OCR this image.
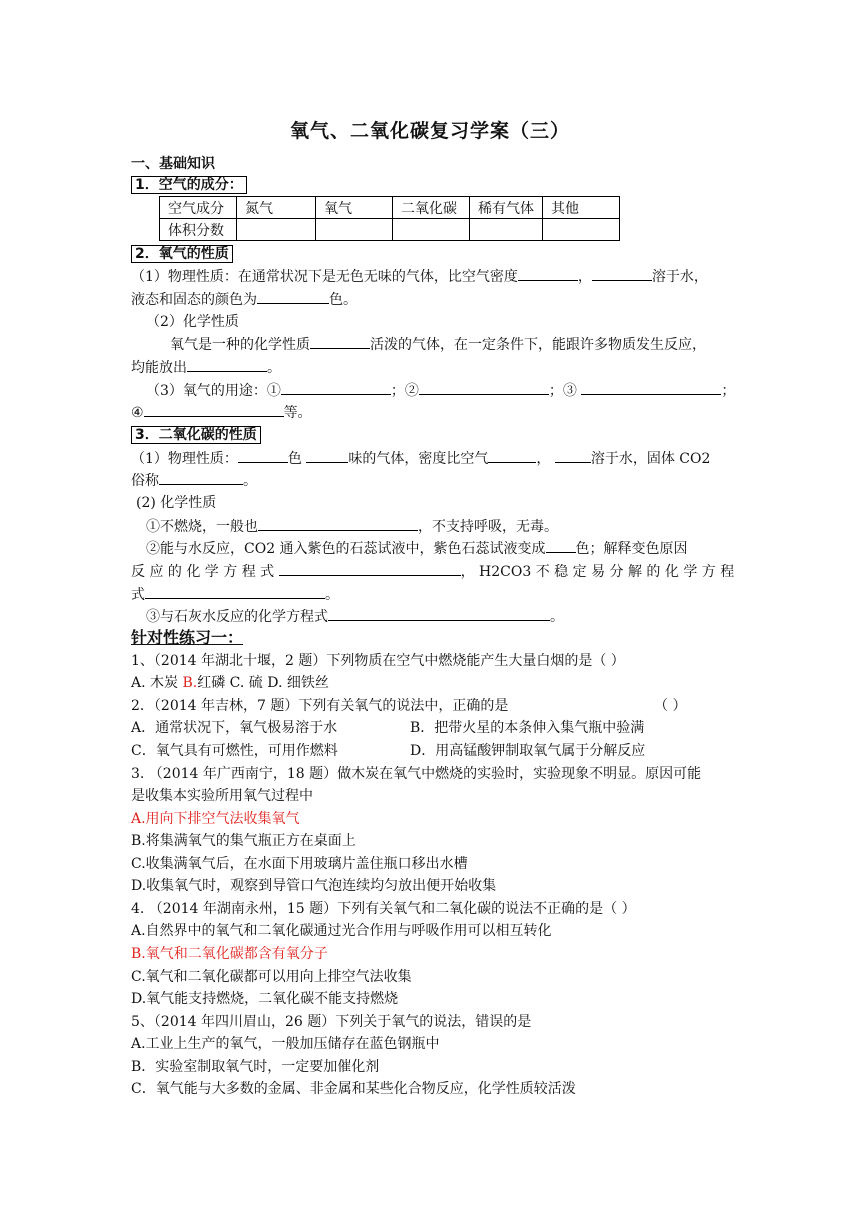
氧气、二氧化碳复习学案（三）
一、基础知识
1．空气的成分：
空气成分	氮气	氧气	二氧化碳	稀有气体	其他
体积分数					
2．氧气的性质
（1）物理性质：在通常状况下是无色无味的气体，比空气密度	，	溶于水，
液态和固态的颜色为	色。
（2）化学性质
氧气是一种的化学性质	活泼的气体，在一定条件下，能跟许多物质发生反应，
均能放出	。
（3）氧气的用途：①	；②	；③	；
④	等。
3．二氧化碳的性质
（1）物理性质：	色	味的气体，密度比空气	，	溶于水，固体 CO2
俗称	。
(2) 化学性质
①不燃烧，一般也	，不支持呼吸，无毒。
②能与水反应，CO2 通入紫色的石蕊试液中，紫色石蕊试液变成 色；解释变色原因
反 应 的 化 学 方 程 式	， H2CO3 不 稳 定 易 分 解 的 化 学 方 程
式	。
③与石灰水反应的化学方程式	。
针对性练习一：
1、（2014 年湖北十堰，2 题）下列物质在空气中燃烧能产生大量白烟的是（ ）
A. 木炭 B.红磷 C. 硫 D. 细铁丝
2．（2014 年吉林，7 题）下列有关氧气的说法中，正确的是	（ ）
A．通常状况下，氧气极易溶于水	B．把带火星的本条伸入集气瓶中验满
C．氧气具有可燃性，可用作燃料	D．用高锰酸钾制取氧气属于分解反应
3. （2014 年广西南宁，18 题）做木炭在氧气中燃烧的实验时，实验现象不明显。原因可能
是收集本实验所用氧气过程中
A.用向下排空气法收集氧气
B.将集满氧气的集气瓶正方在桌面上
C.收集满氧气后，在水面下用玻璃片盖住瓶口移出水槽
D.收集氧气时，观察到导管口气泡连续均匀放出便开始收集
4. （2014 年湖南永州，15 题）下列有关氧气和二氧化碳的说法不正确的是（ ）
A.自然界中的氧气和二氧化碳通过光合作用与呼吸作用可以相互转化
B.氧气和二氧化碳都含有氧分子
C.氧气和二氧化碳都可以用向上排空气法收集
D.氧气能支持燃烧，二氧化碳不能支持燃烧
5、（2014 年四川眉山，26 题）下列关于氧气的说法，错误的是
A.工业上生产的氧气，一般加压储存在蓝色钢瓶中
B．实验室制取氧气时，一定要加催化剂
C．氧气能与大多数的金属、非金属和某些化合物反应，化学性质较活泼
